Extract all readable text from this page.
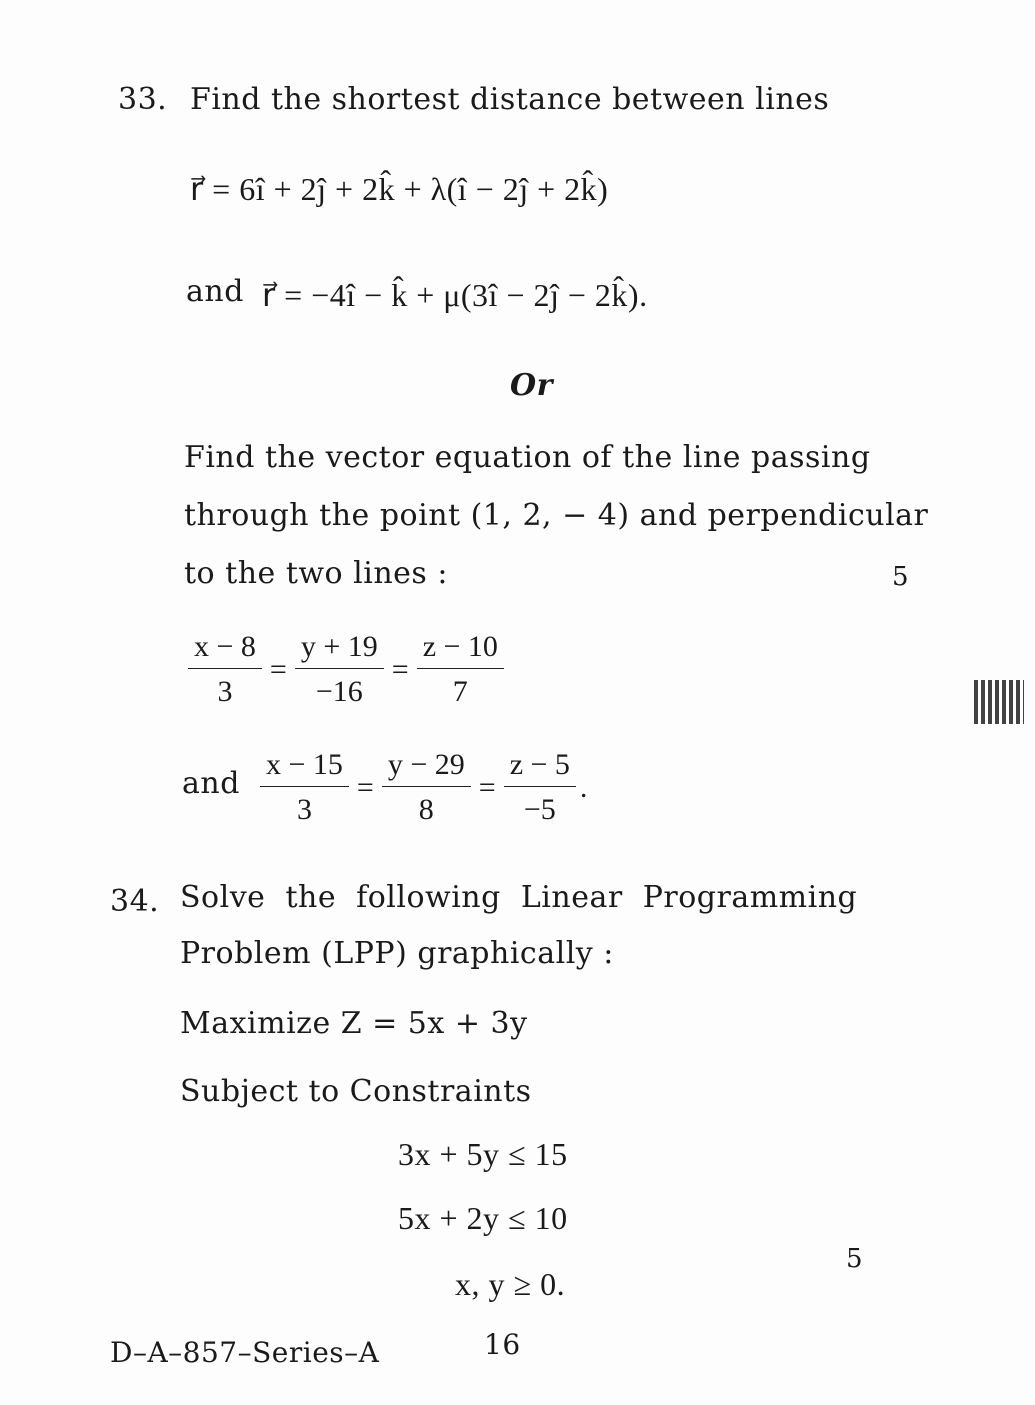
33. Find the shortest distance between lines
r⃗ = 6î + 2ĵ + 2k̂ + λ(î − 2ĵ + 2k̂)
and r⃗ = −4î − k̂ + μ(3î − 2ĵ − 2k̂).
Or
Find the vector equation of the line passing
through the point (1, 2, − 4) and perpendicular
to the two lines :	5
$\frac{x - 8}{3} = \frac{y + 19}{-16} = \frac{z - 10}{7}$
and $\frac{x - 15}{3} = \frac{y - 29}{8} = \frac{z - 5}{-5}$ .
34. Solve the following Linear Programming
Problem (LPP) graphically :
Maximize Z = 5x + 3y
Subject to Constraints
3x + 5y ≤ 15
5x + 2y ≤ 10
x, y ≥ 0.
5
D–A–857–Series–A	16
